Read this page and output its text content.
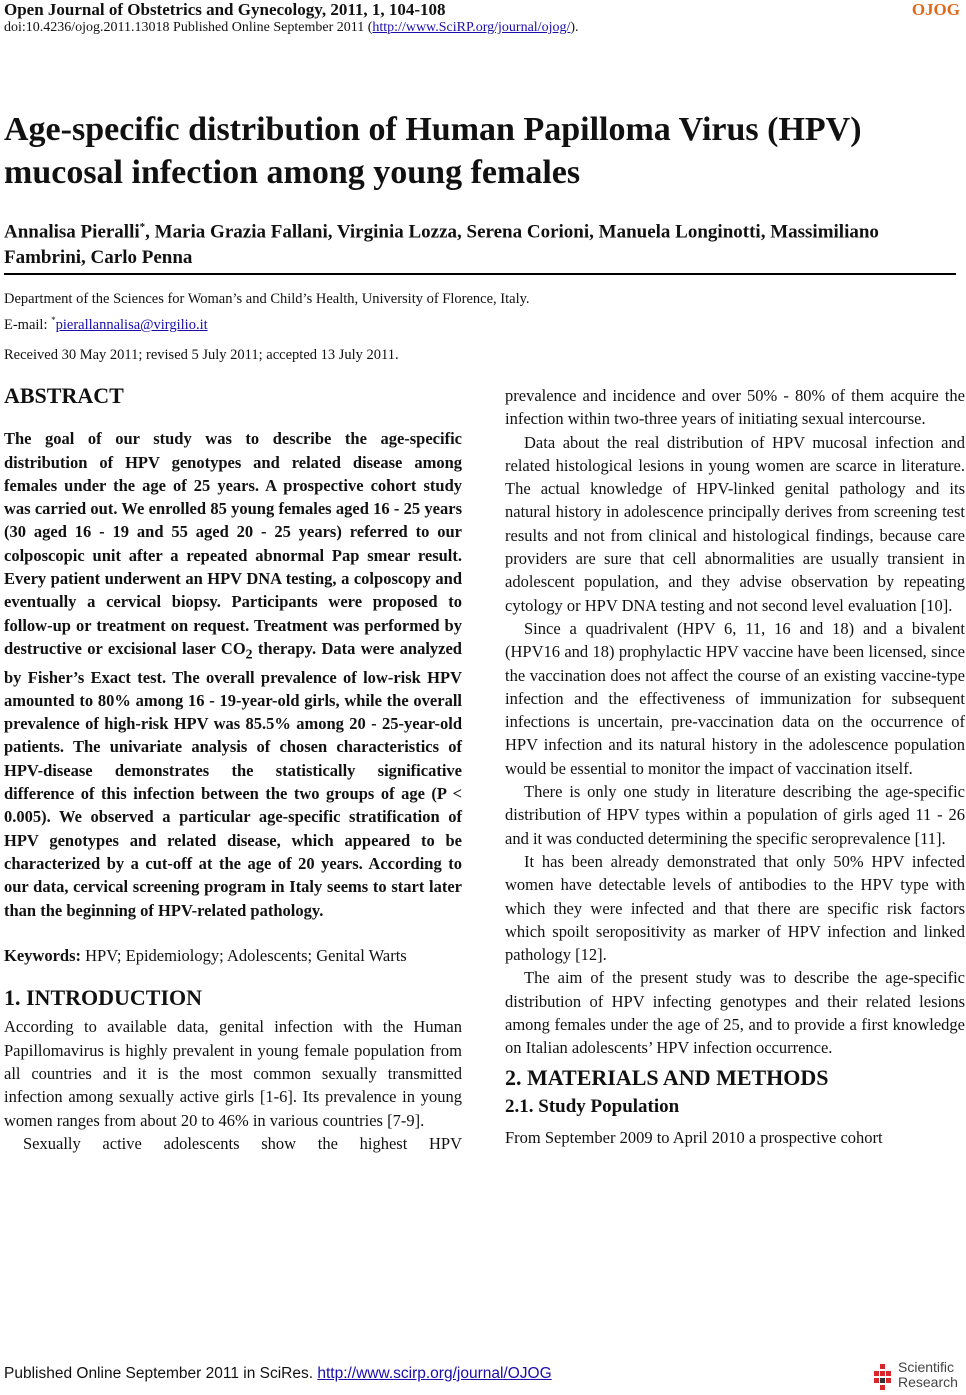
Open Journal of Obstetrics and Gynecology, 2011, 1, 104-108	OJOG
doi:10.4236/ojog.2011.13018 Published Online September 2011 (http://www.SciRP.org/journal/ojog/).
Age-specific distribution of Human Papilloma Virus (HPV) mucosal infection among young females
Annalisa Pieralli*, Maria Grazia Fallani, Virginia Lozza, Serena Corioni, Manuela Longinotti, Massimiliano Fambrini, Carlo Penna
Department of the Sciences for Woman’s and Child’s Health, University of Florence, Italy.
E-mail: *pierallannalisa@virgilio.it
Received 30 May 2011; revised 5 July 2011; accepted 13 July 2011.
ABSTRACT

The goal of our study was to describe the age-specific distribution of HPV genotypes and related disease among females under the age of 25 years. A prospective cohort study was carried out. We enrolled 85 young females aged 16 - 25 years (30 aged 16 - 19 and 55 aged 20 - 25 years) referred to our colposcopic unit after a repeated abnormal Pap smear result. Every patient underwent an HPV DNA testing, a colposcopy and eventually a cervical biopsy. Participants were proposed to follow-up or treatment on request. Treatment was performed by destructive or excisional laser $CO_2$ therapy. Data were analyzed by Fisher’s Exact test. The overall prevalence of low-risk HPV amounted to 80% among 16 - 19-year-old girls, while the overall prevalence of high-risk HPV was 85.5% among 20 - 25-year-old patients. The univariate analysis of chosen characteristics of HPV-disease demonstrates the statistically significative difference of this infection between the two groups of age (P < 0.005). We observed a particular age-specific stratification of HPV genotypes and related disease, which appeared to be characterized by a cut-off at the age of 20 years. According to our data, cervical screening program in Italy seems to start later than the beginning of HPV-related pathology.

Keywords: HPV; Epidemiology; Adolescents; Genital Warts

1. INTRODUCTION

According to available data, genital infection with the Human Papillomavirus is highly prevalent in young female population from all countries and it is the most common sexually transmitted infection among sexually active girls [1-6]. Its prevalence in young women ranges from about 20 to 46% in various countries [7-9].

Sexually active adolescents show the highest HPV

prevalence and incidence and over 50% - 80% of them acquire the infection within two-three years of initiating sexual intercourse.

Data about the real distribution of HPV mucosal infection and related histological lesions in young women are scarce in literature. The actual knowledge of HPV-linked genital pathology and its natural history in adolescence principally derives from screening test results and not from clinical and histological findings, because care providers are sure that cell abnormalities are usually transient in adolescent population, and they advise observation by repeating cytology or HPV DNA testing and not second level evaluation [10].

Since a quadrivalent (HPV 6, 11, 16 and 18) and a bivalent (HPV16 and 18) prophylactic HPV vaccine have been licensed, since the vaccination does not affect the course of an existing vaccine-type infection and the effectiveness of immunization for subsequent infections is uncertain, pre-vaccination data on the occurrence of HPV infection and its natural history in the adolescence population would be essential to monitor the impact of vaccination itself.

There is only one study in literature describing the age-specific distribution of HPV types within a population of girls aged 11 - 26 and it was conducted determining the specific seroprevalence [11].

It has been already demonstrated that only 50% HPV infected women have detectable levels of antibodies to the HPV type with which they were infected and that there are specific risk factors which spoilt seropositivity as marker of HPV infection and linked pathology [12].

The aim of the present study was to describe the age-specific distribution of HPV infecting genotypes and their related lesions among females under the age of 25, and to provide a first knowledge on Italian adolescents’ HPV infection occurrence.

2. MATERIALS AND METHODS
2.1. Study Population

From September 2009 to April 2010 a prospective cohort

Published Online September 2011 in SciRes. http://www.scirp.org/journal/OJOG	Scientific
Research
